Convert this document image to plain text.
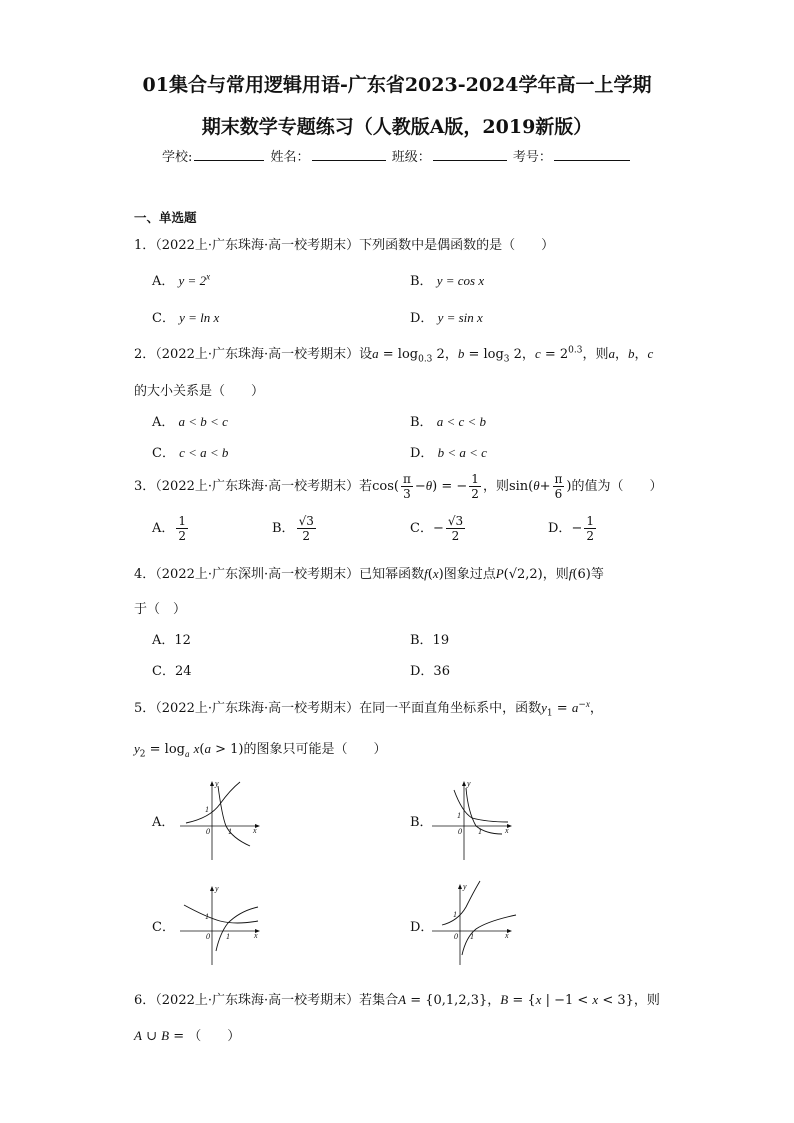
01集合与常用逻辑用语-广东省2023-2024学年高一上学期
期末数学专题练习（人教版A版，2019新版）
学校:	姓名：	班级：	考号：
一、单选题
1．（2022上·广东珠海·高一校考期末）下列函数中是偶函数的是（　　）
A． $y = 2^x$	B． y = cos x
C． y = ln x	D． y = sin x
2．（2022上·广东珠海·高一校考期末）设$a = \log_{0.3} 2$，$b = \log_3 2$，$c = 2^{0.3}$，则a，b，c
的大小关系是（　　）
A． a < b < c	B． a < c < b
C． c < a < b	D． b < a < c
3．（2022上·广东珠海·高一校考期末）若$\cos( \frac{\pi}{3} -\theta)$ = − $\frac{1}{2}$ ，则$\sin(\theta+ \frac{\pi}{6}$ )的值为（　　）
A． $\frac{1}{2}$	B． $\frac{√3}{2}$	C．− $\frac{√3}{2}$	D．− $\frac{1}{2}$
4．（2022上·广东深圳·高一校考期末）已知幂函数f(x)图象过点P(√2,2)，则f(6)等
于（　）
A．12	B．19
C．24	D．36
5．（2022上·广东珠海·高一校考期末）在同一平面直角坐标系中，函数$y_1 = a^{-x}$，
$y_2 = \log_a x(a > 1)$的图象只可能是（　　）
A．
y
x
0 1
1
B．
y
x
0 1
1
C．
y
x
0 1
1
D．
y
x
0 1
1
6．（2022上·广东珠海·高一校考期末）若集合A = {0,1,2,3}，B = {x | −1 < x < 3}，则
A ∪ B = （　　）
